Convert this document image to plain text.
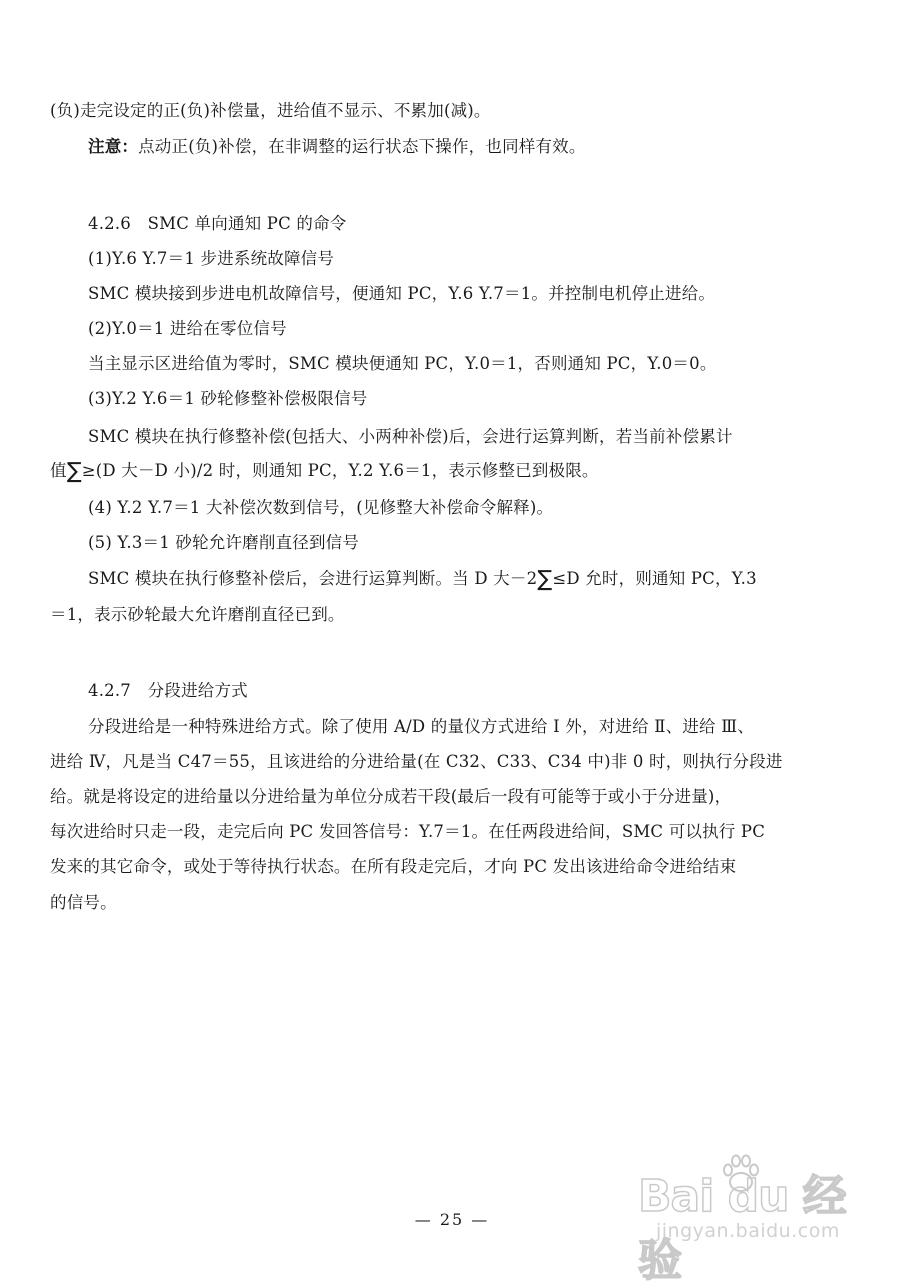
(负)走完设定的正(负)补偿量，进给值不显示、不累加(减)。
注意：点动正(负)补偿，在非调整的运行状态下操作，也同样有效。
4.2.6　SMC 单向通知 PC 的命令
(1)Y.6 Y.7＝1 步进系统故障信号
SMC 模块接到步进电机故障信号，便通知 PC，Y.6 Y.7＝1。并控制电机停止进给。
(2)Y.0＝1 进给在零位信号
当主显示区进给值为零时，SMC 模块便通知 PC，Y.0＝1，否则通知 PC，Y.0＝0。
(3)Y.2 Y.6＝1 砂轮修整补偿极限信号
SMC 模块在执行修整补偿(包括大、小两种补偿)后，会进行运算判断，若当前补偿累计
值∑≥(D 大－D 小)/2 时，则通知 PC，Y.2 Y.6＝1，表示修整已到极限。
(4) Y.2 Y.7＝1 大补偿次数到信号，(见修整大补偿命令解释)。
(5) Y.3＝1 砂轮允许磨削直径到信号
SMC 模块在执行修整补偿后，会进行运算判断。当 D 大－2∑≤D 允时，则通知 PC，Y.3
＝1，表示砂轮最大允许磨削直径已到。
4.2.7　分段进给方式
分段进给是一种特殊进给方式。除了使用 A/D 的量仪方式进给 Ⅰ 外，对进给 Ⅱ、进给 Ⅲ、
进给 Ⅳ，凡是当 C47＝55，且该进给的分进给量(在 C32、C33、C34 中)非 0 时，则执行分段进
给。就是将设定的进给量以分进给量为单位分成若干段(最后一段有可能等于或小于分进量)，
每次进给时只走一段，走完后向 PC 发回答信号：Y.7＝1。在任两段进给间，SMC 可以执行 PC
发来的其它命令，或处于等待执行状态。在所有段走完后，才向 PC 发出该进给命令进给结束
的信号。
— 25 —	Bai du 经验
jingyan.baidu.com
